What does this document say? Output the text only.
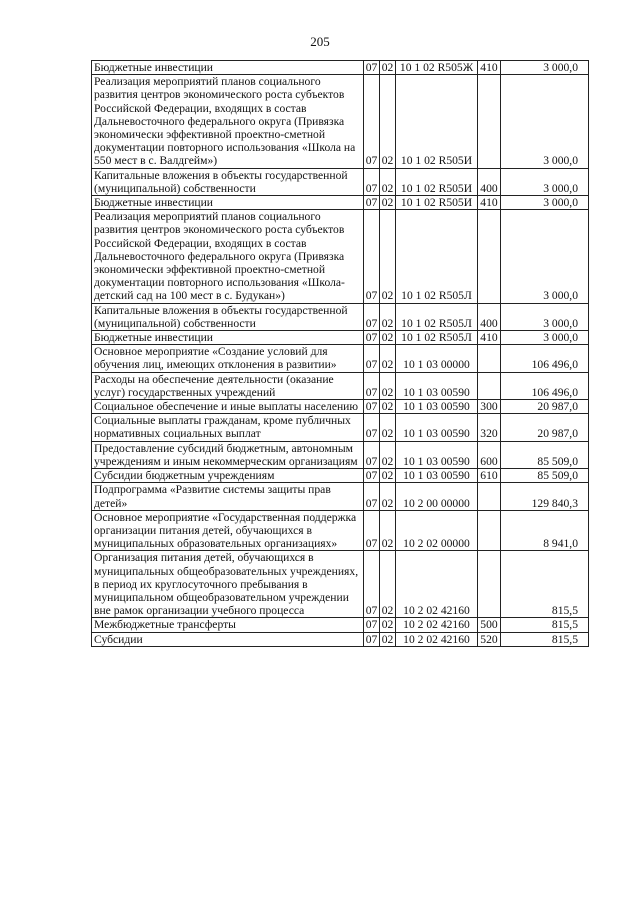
205
Бюджетные инвестиции	07	02	10 1 02 R505Ж	410	3 000,0
Реализация мероприятий планов социального развития центров экономического роста субъектов Российской Федерации, входящих в состав Дальневосточного федерального округа (Привязка экономически эффективной проектно-сметной документации повторного использования «Школа на 550 мест в с. Валдгейм»)	07	02	10 1 02 R505И		3 000,0
Капитальные вложения в объекты государственной (муниципальной) собственности	07	02	10 1 02 R505И	400	3 000,0
Бюджетные инвестиции	07	02	10 1 02 R505И	410	3 000,0
Реализация мероприятий планов социального развития центров экономического роста субъектов Российской Федерации, входящих в состав Дальневосточного федерального округа (Привязка экономически эффективной проектно-сметной документации повторного использования «Школа-детский сад на 100 мест в с. Будукан»)	07	02	10 1 02 R505Л		3 000,0
Капитальные вложения в объекты государственной (муниципальной) собственности	07	02	10 1 02 R505Л	400	3 000,0
Бюджетные инвестиции	07	02	10 1 02 R505Л	410	3 000,0
Основное мероприятие «Создание условий для обучения лиц, имеющих отклонения в развитии»	07	02	10 1 03 00000		106 496,0
Расходы на обеспечение деятельности (оказание услуг) государственных учреждений	07	02	10 1 03 00590		106 496,0
Социальное обеспечение и иные выплаты населению	07	02	10 1 03 00590	300	20 987,0
Социальные выплаты гражданам, кроме публичных нормативных социальных выплат	07	02	10 1 03 00590	320	20 987,0
Предоставление субсидий бюджетным, автономным учреждениям и иным некоммерческим организациям	07	02	10 1 03 00590	600	85 509,0
Субсидии бюджетным учреждениям	07	02	10 1 03 00590	610	85 509,0
Подпрограмма «Развитие системы защиты прав детей»	07	02	10 2 00 00000		129 840,3
Основное мероприятие «Государственная поддержка организации питания детей, обучающихся в муниципальных образовательных организациях»	07	02	10 2 02 00000		8 941,0
Организация питания детей, обучающихся в муниципальных общеобразовательных учреждениях, в период их круглосуточного пребывания в муниципальном общеобразовательном учреждении вне рамок организации учебного процесса	07	02	10 2 02 42160		815,5
Межбюджетные трансферты	07	02	10 2 02 42160	500	815,5
Субсидии	07	02	10 2 02 42160	520	815,5
